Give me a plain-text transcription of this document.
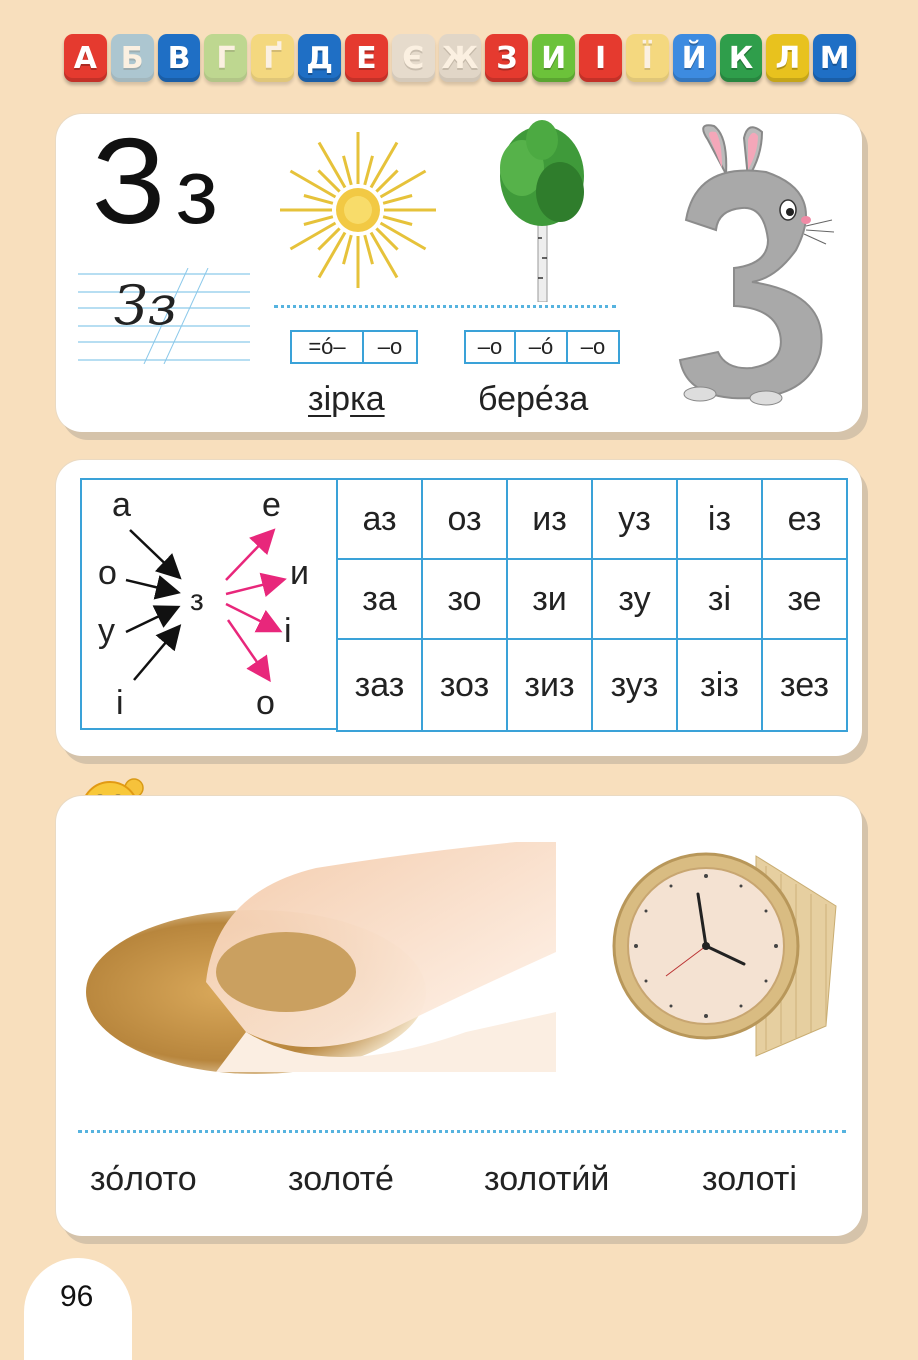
А Б В Г Ґ Д Е Є Ж З И І	Ї Й К Л М
З з
Зз
=ó–	–o	–o	–ó	–o
зірка	бере́за
а
о
у
і
з
е
и
і
о
аз	оз	из	уз	із	ез
за	зо	зи	зу	зі	зе
заз	зоз	зиз	зуз	зіз	зез
зо́лото	золоте́	золоти́й	золоті
96
